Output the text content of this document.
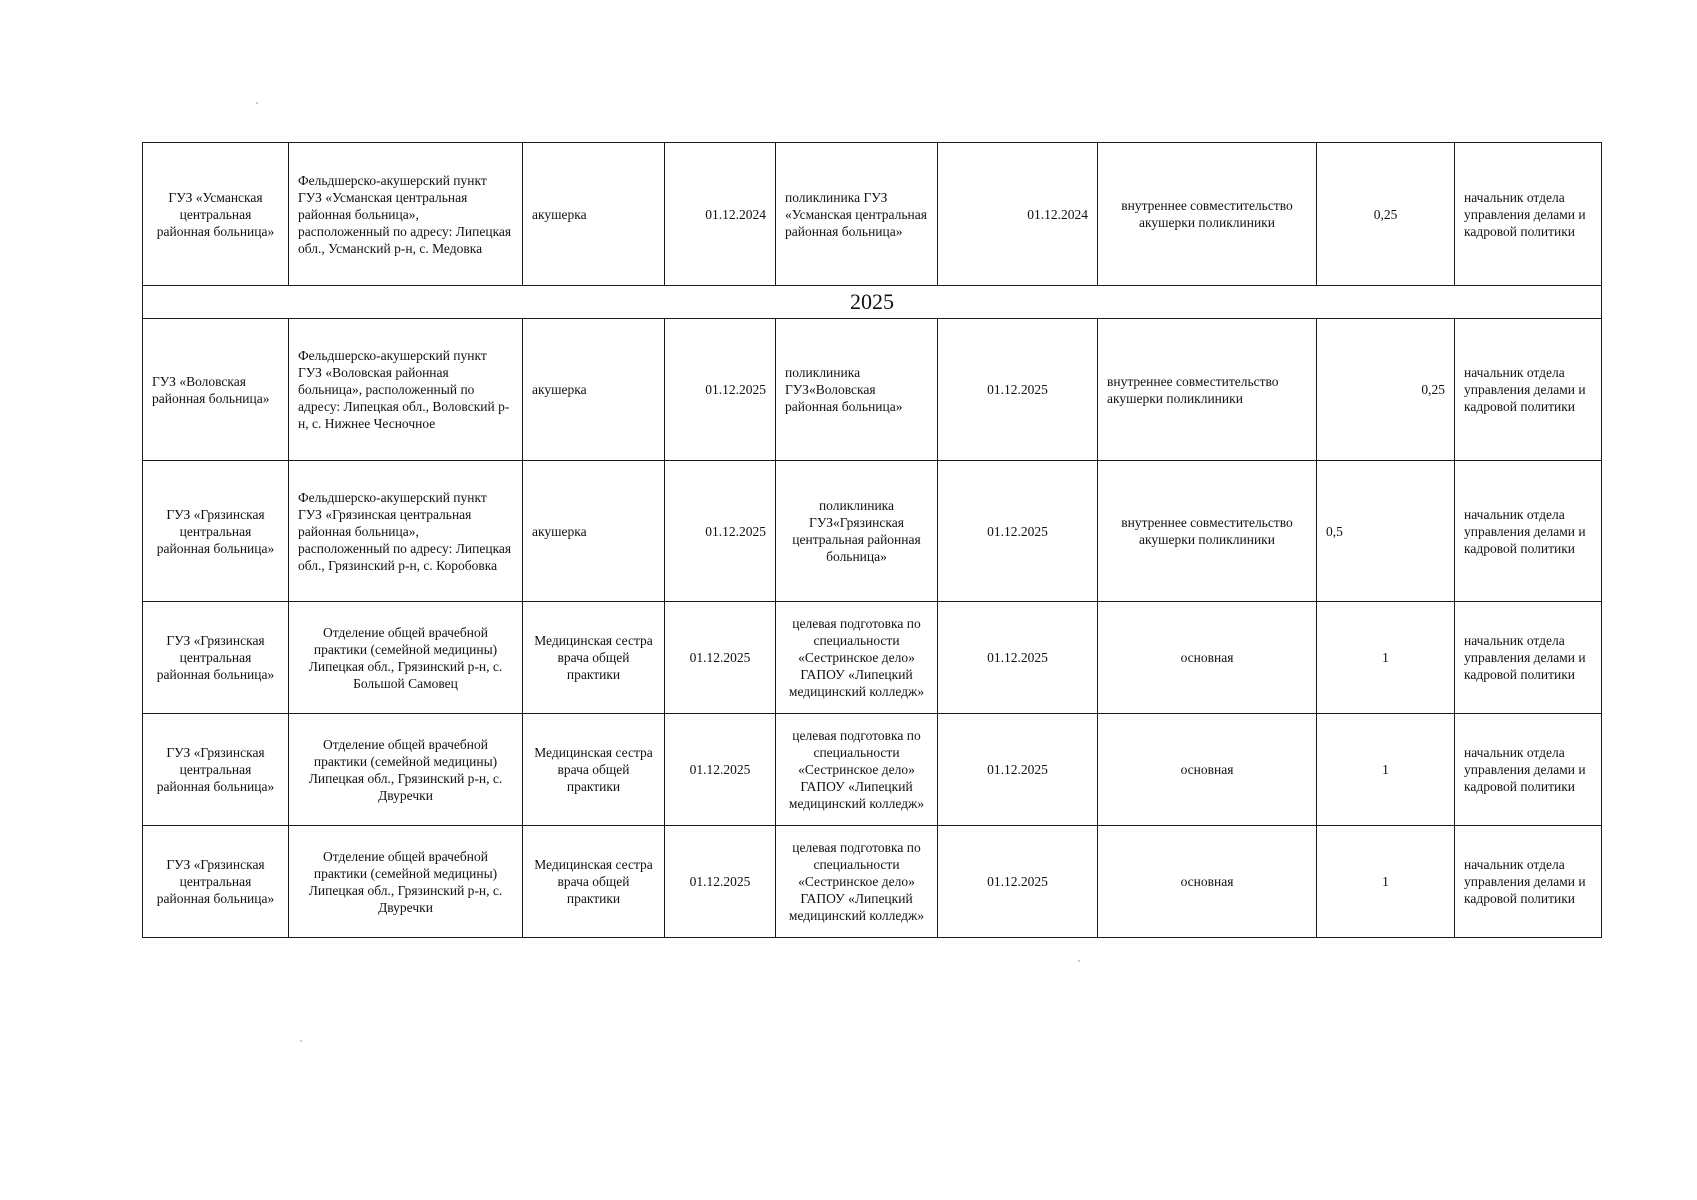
ГУЗ «Усманская центральная районная больница»	Фельдшерско-акушерский пункт ГУЗ «Усманская центральная районная больница», расположенный по адресу: Липецкая обл., Усманский р-н, с. Медовка	акушерка	01.12.2024	поликлиника ГУЗ «Усманская центральная районная больница»	01.12.2024	внутреннее совместительство акушерки поликлиники	0,25	начальник отдела управления делами и кадровой политики
2025								
ГУЗ «Воловская районная больница»	Фельдшерско-акушерский пункт ГУЗ «Воловская районная больница», расположенный по адресу: Липецкая обл., Воловский р-н, с. Нижнее Чесночное	акушерка	01.12.2025	поликлиника ГУЗ«Воловская районная больница»	01.12.2025	внутреннее совместительство акушерки поликлиники	0,25	начальник отдела управления делами и кадровой политики
ГУЗ «Грязинская центральная районная больница»	Фельдшерско-акушерский пункт ГУЗ «Грязинская центральная районная больница», расположенный по адресу: Липецкая обл., Грязинский р-н, с. Коробовка	акушерка	01.12.2025	поликлиника ГУЗ«Грязинская центральная районная больница»	01.12.2025	внутреннее совместительство акушерки поликлиники	0,5	начальник отдела управления делами и кадровой политики
ГУЗ «Грязинская центральная районная больница»	Отделение общей врачебной практики (семейной медицины) Липецкая обл., Грязинский р-н, с. Большой Самовец	Медицинская сестра врача общей практики	01.12.2025	целевая подготовка по специальности «Сестринское дело» ГАПОУ «Липецкий медицинский колледж»	01.12.2025	основная	1	начальник отдела управления делами и кадровой политики
ГУЗ «Грязинская центральная районная больница»	Отделение общей врачебной практики (семейной медицины) Липецкая обл., Грязинский р-н, с. Двуречки	Медицинская сестра врача общей практики	01.12.2025	целевая подготовка по специальности «Сестринское дело» ГАПОУ «Липецкий медицинский колледж»	01.12.2025	основная	1	начальник отдела управления делами и кадровой политики
ГУЗ «Грязинская центральная районная больница»	Отделение общей врачебной практики (семейной медицины) Липецкая обл., Грязинский р-н, с. Двуречки	Медицинская сестра врача общей практики	01.12.2025	целевая подготовка по специальности «Сестринское дело» ГАПОУ «Липецкий медицинский колледж»	01.12.2025	основная	1	начальник отдела управления делами и кадровой политики
